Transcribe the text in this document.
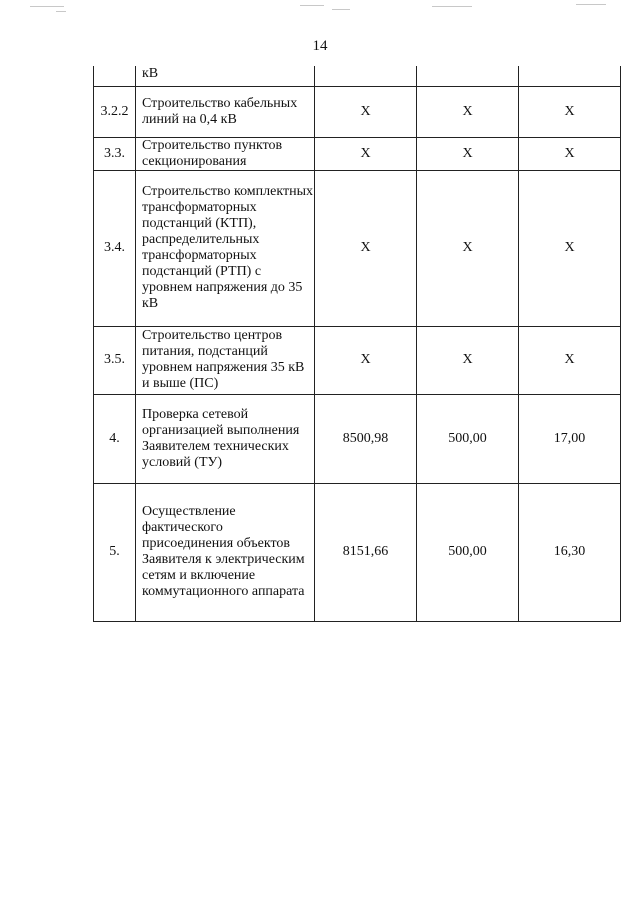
14
	кВ			
3.2.2	Строительство кабельных линий на 0,4 кВ	X	X	X
3.3.	Строительство пунктов секционирования	X	X	X
3.4.	Строительство комплектных трансформаторных подстанций (КТП), распределительных трансформаторных подстанций (РТП) с уровнем напряжения до 35 кВ	X	X	X
3.5.	Строительство центров питания, подстанций уровнем напряжения 35 кВ и выше (ПС)	X	X	X
4.	Проверка сетевой организацией выполнения Заявителем технических условий (ТУ)	8500,98	500,00	17,00
5.	Осуществление фактического присоединения объектов Заявителя к электрическим сетям и включение коммутационного аппарата	8151,66	500,00	16,30
